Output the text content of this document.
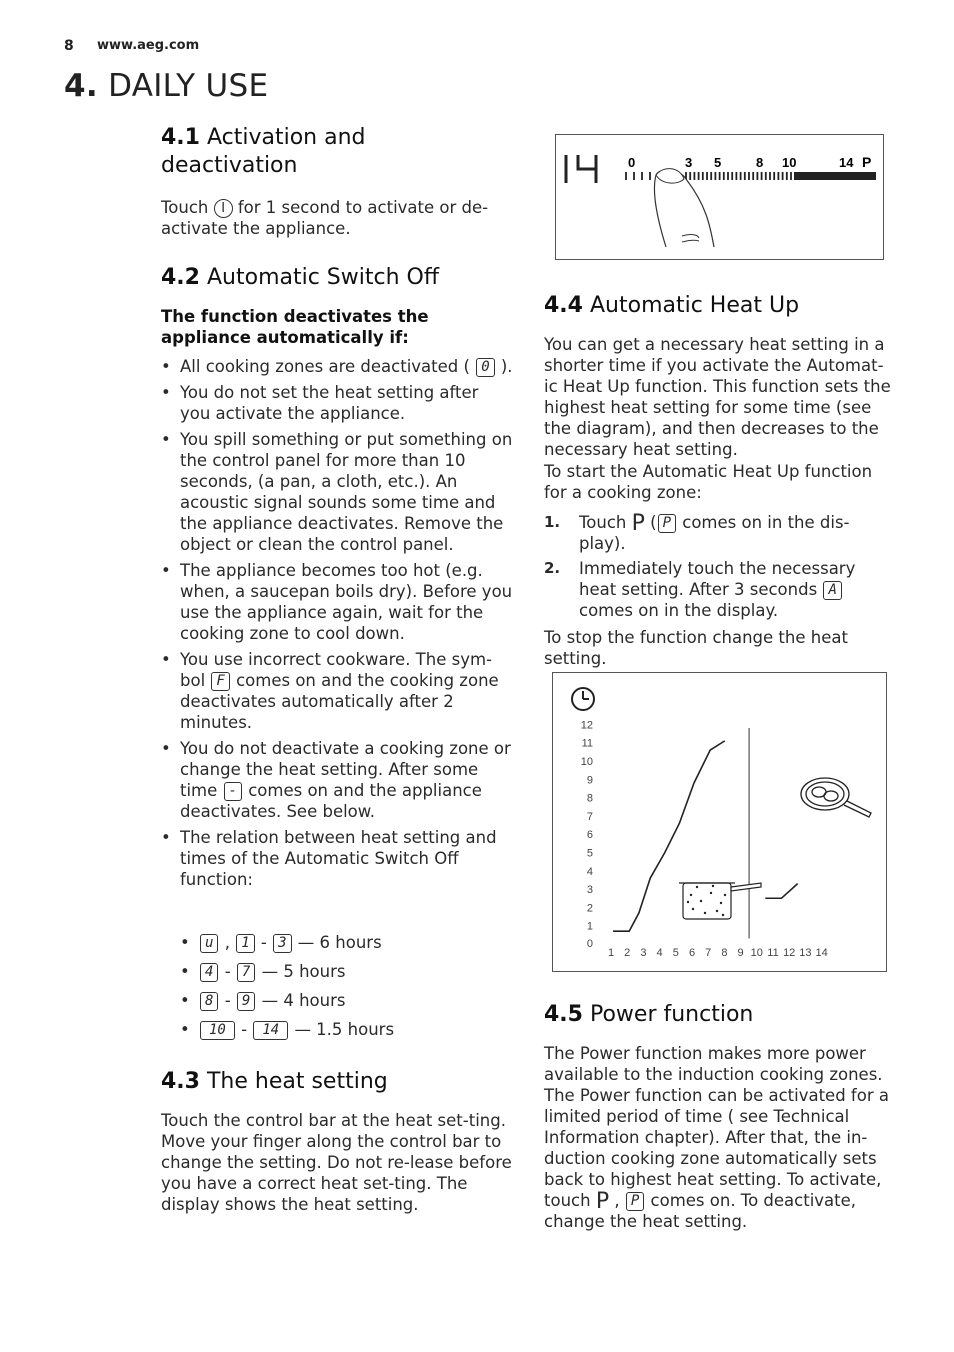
8 www.aeg.com
4. DAILY USE
4.1 Activation and
deactivation

Touch I for 1 second to activate or de-activate the appliance.

4.2 Automatic Switch Off

The function deactivates the appliance automatically if:

• All cooking zones are deactivated ( 0 ).
• You do not set the heat setting after you activate the appliance.
• You spill something or put something on the control panel for more than 10 seconds, (a pan, a cloth, etc.). An acoustic signal sounds some time and the appliance deactivates. Remove the object or clean the control panel.
• The appliance becomes too hot (e.g. when, a saucepan boils dry). Before you use the appliance again, wait for the cooking zone to cool down.
• You use incorrect cookware. The sym-bol F comes on and the cooking zone deactivates automatically after 2 minutes.
• You do not deactivate a cooking zone or change the heat setting. After some time - comes on and the appliance deactivates. See below.
• The relation between heat setting and times of the Automatic Switch Off function:
• u , 1 - 3 — 6 hours
• 4 - 7 — 5 hours
• 8 - 9 — 4 hours
• 10 - 14 — 1.5 hours
4.3 The heat setting

Touch the control bar at the heat set-ting. Move your finger along the control bar to change the setting. Do not re-lease before you have a correct heat set-ting. The display shows the heat setting.

0	3 5	8 10	14 P
4.4 Automatic Heat Up

You can get a necessary heat setting in a shorter time if you activate the Automat-ic Heat Up function. This function sets the highest heat setting for some time (see the diagram), and then decreases to the necessary heat setting.

To start the Automatic Heat Up function for a cooking zone:

1. Touch P ( P comes on in the dis-play).
2. Immediately touch the necessary heat setting. After 3 seconds A comes on in the display.

To stop the function change the heat setting.

0
1
2
3
4
5
6
7
8
9
10
11
12
1 2 3 4 5 6 7 8 9 10 11 12 13 14
4.5 Power function

The Power function makes more power available to the induction cooking zones. The Power function can be activated for a limited period of time ( see Technical Information chapter). After that, the in-duction cooking zone automatically sets back to highest heat setting. To activate, touch P , P comes on. To deactivate, change the heat setting.
